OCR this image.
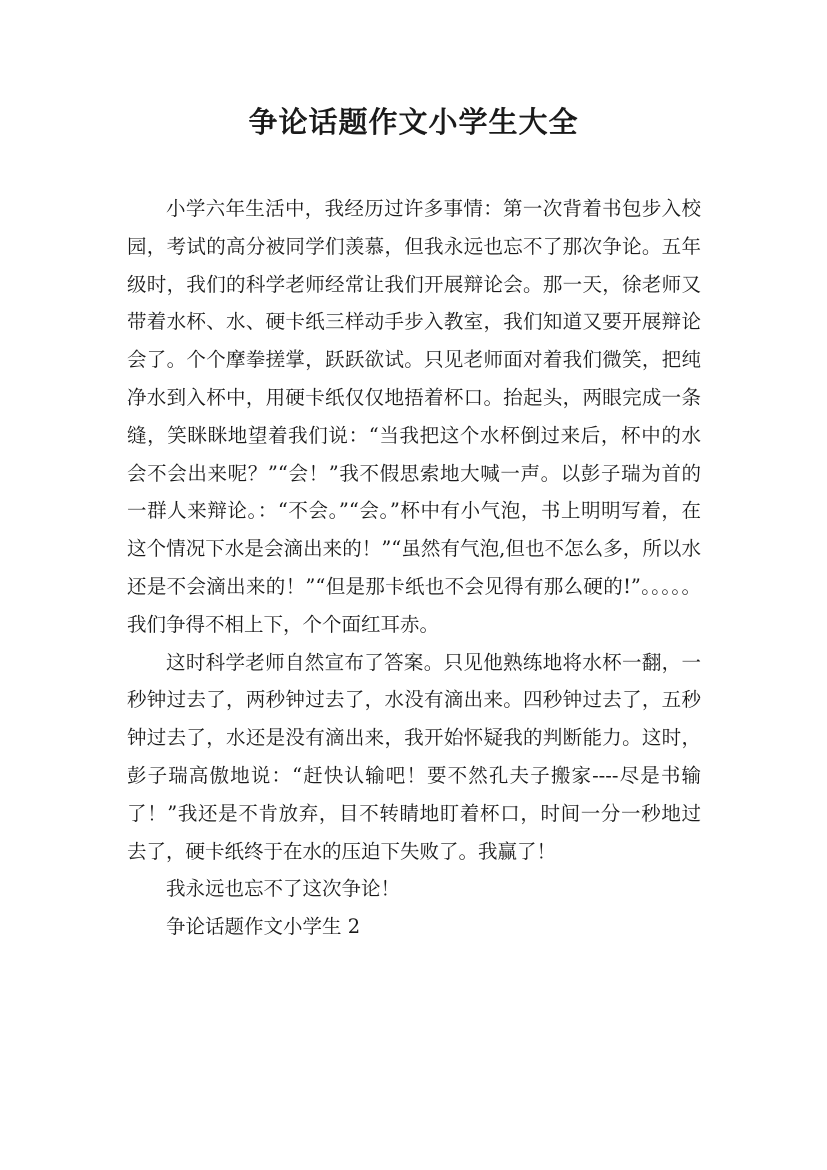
争论话题作文小学生大全

小学六年生活中，我经历过许多事情：第一次背着书包步入校园，考试的高分被同学们羡慕，但我永远也忘不了那次争论。五年级时，我们的科学老师经常让我们开展辩论会。那一天，徐老师又带着水杯、水、硬卡纸三样动手步入教室，我们知道又要开展辩论会了。个个摩拳搓掌，跃跃欲试。只见老师面对着我们微笑，把纯净水到入杯中，用硬卡纸仅仅地捂着杯口。抬起头，两眼完成一条缝，笑眯眯地望着我们说：“当我把这个水杯倒过来后，杯中的水会不会出来呢？”“会！”我不假思索地大喊一声。以彭子瑞为首的一群人来辩论。：“不会。”“会。”杯中有小气泡，书上明明写着，在这个情况下水是会滴出来的！”“虽然有气泡,但也不怎么多，所以水还是不会滴出来的！”“但是那卡纸也不会见得有那么硬的!”。。。。。我们争得不相上下，个个面红耳赤。

这时科学老师自然宣布了答案。只见他熟练地将水杯一翻，一秒钟过去了，两秒钟过去了，水没有滴出来。四秒钟过去了，五秒钟过去了，水还是没有滴出来，我开始怀疑我的判断能力。这时，彭子瑞高傲地说：“赶快认输吧！要不然孔夫子搬家----尽是书输了！”我还是不肯放弃，目不转睛地盯着杯口，时间一分一秒地过去了，硬卡纸终于在水的压迫下失败了。我赢了！

我永远也忘不了这次争论！

争论话题作文小学生 2
